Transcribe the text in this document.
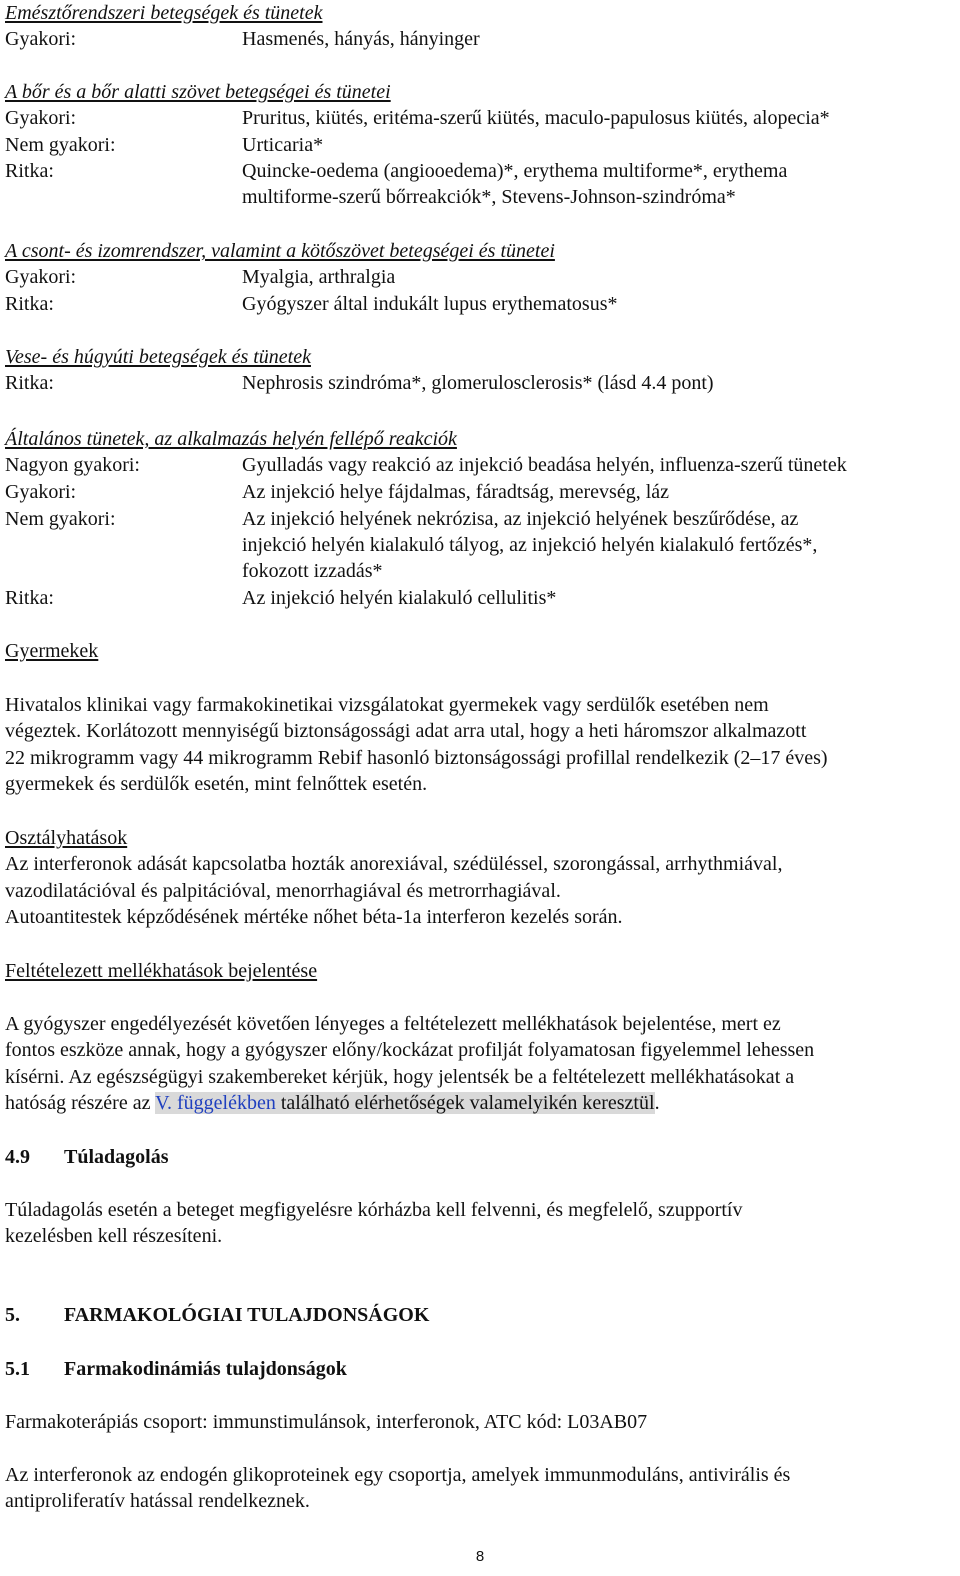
Emésztőrendszeri betegségek és tünetek
Gyakori:	Hasmenés, hányás, hányinger
A bőr és a bőr alatti szövet betegségei és tünetei
Gyakori:	Pruritus, kiütés, eritéma-szerű kiütés, maculo-papulosus kiütés, alopecia*
Nem gyakori:	Urticaria*
Ritka:	Quincke-oedema (angiooedema)*, erythema multiforme*, erythema
multiforme-szerű bőrreakciók*, Stevens-Johnson-szindróma*
A csont- és izomrendszer, valamint a kötőszövet betegségei és tünetei
Gyakori:	Myalgia, arthralgia
Ritka:	Gyógyszer által indukált lupus erythematosus*
Vese- és húgyúti betegségek és tünetek
Ritka:	Nephrosis szindróma*, glomerulosclerosis* (lásd 4.4 pont)
Általános tünetek, az alkalmazás helyén fellépő reakciók
Nagyon gyakori:	Gyulladás vagy reakció az injekció beadása helyén, influenza-szerű tünetek
Gyakori:	Az injekció helye fájdalmas, fáradtság, merevség, láz
Nem gyakori:	Az injekció helyének nekrózisa, az injekció helyének beszűrődése, az
injekció helyén kialakuló tályog, az injekció helyén kialakuló fertőzés*,
fokozott izzadás*
Ritka:	Az injekció helyén kialakuló cellulitis*
Gyermekek
Hivatalos klinikai vagy farmakokinetikai vizsgálatokat gyermekek vagy serdülők esetében nem
végeztek. Korlátozott mennyiségű biztonságossági adat arra utal, hogy a heti háromszor alkalmazott
22 mikrogramm vagy 44 mikrogramm Rebif hasonló biztonságossági profillal rendelkezik (2–17 éves)
gyermekek és serdülők esetén, mint felnőttek esetén.
Osztályhatások
Az interferonok adását kapcsolatba hozták anorexiával, szédüléssel, szorongással, arrhythmiával,
vazodilatációval és palpitációval, menorrhagiával és metrorrhagiával.
Autoantitestek képződésének mértéke nőhet béta-1a interferon kezelés során.
Feltételezett mellékhatások bejelentése
A gyógyszer engedélyezését követően lényeges a feltételezett mellékhatások bejelentése, mert ez
fontos eszköze annak, hogy a gyógyszer előny/kockázat profilját folyamatosan figyelemmel lehessen
kísérni. Az egészségügyi szakembereket kérjük, hogy jelentsék be a feltételezett mellékhatásokat a
hatóság részére az V. függelékben található elérhetőségek valamelyikén keresztül.
4.9 Túladagolás
Túladagolás esetén a beteget megfigyelésre kórházba kell felvenni, és megfelelő, szupportív
kezelésben kell részesíteni.
5. FARMAKOLÓGIAI TULAJDONSÁGOK
5.1 Farmakodinámiás tulajdonságok
Farmakoterápiás csoport: immunstimulánsok, interferonok, ATC kód: L03AB07
Az interferonok az endogén glikoproteinek egy csoportja, amelyek immunmoduláns, antivirális és
antiproliferatív hatással rendelkeznek.
8
